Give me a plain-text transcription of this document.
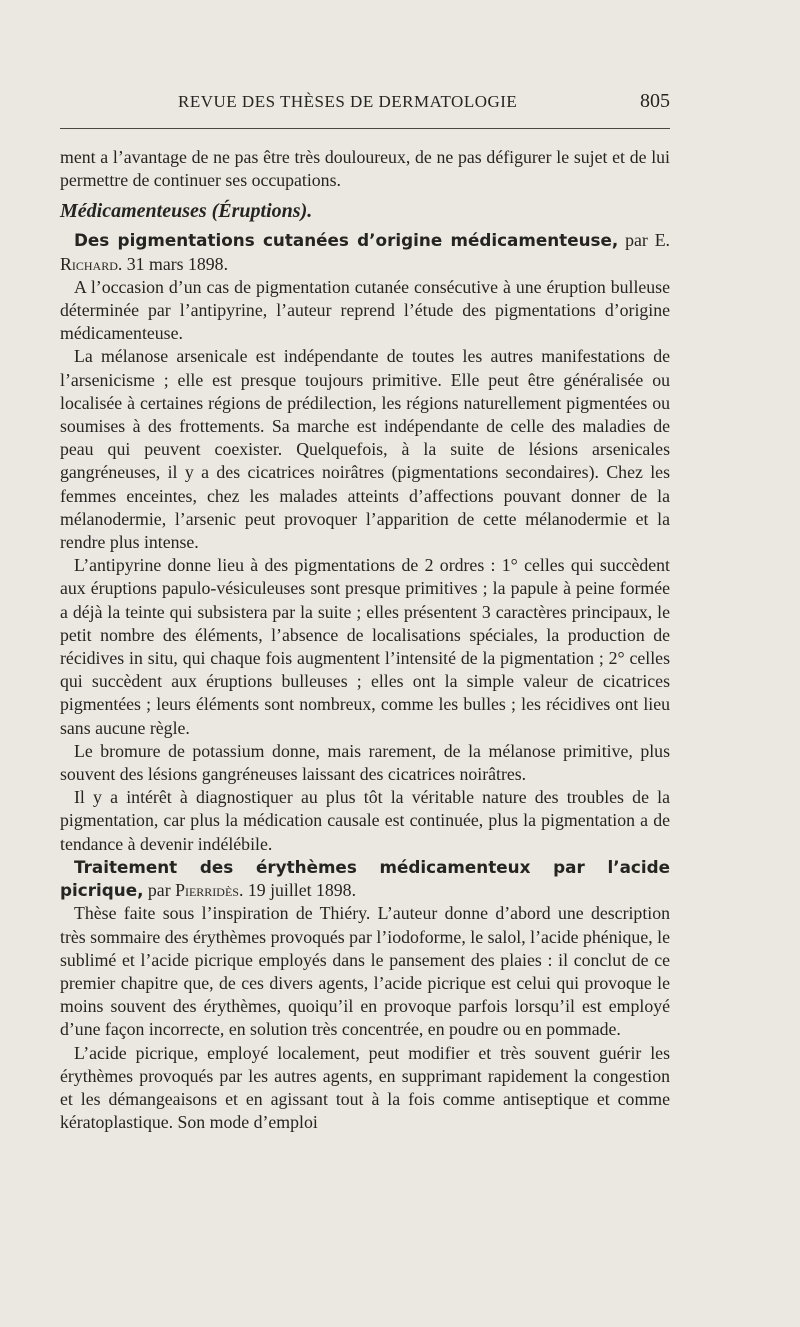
REVUE DES THÈSES DE DERMATOLOGIE	805

ment a l’avantage de ne pas être très douloureux, de ne pas défigurer le sujet et de lui permettre de continuer ses occupations.

Médicamenteuses (Éruptions).

Des pigmentations cutanées d’origine médicamenteuse, par E. Richard. 31 mars 1898.

A l’occasion d’un cas de pigmentation cutanée consécutive à une éruption bulleuse déterminée par l’antipyrine, l’auteur reprend l’étude des pigmentations d’origine médicamenteuse.

La mélanose arsenicale est indépendante de toutes les autres manifestations de l’arsenicisme ; elle est presque toujours primitive. Elle peut être généralisée ou localisée à certaines régions de prédilection, les régions naturellement pigmentées ou soumises à des frottements. Sa marche est indépendante de celle des maladies de peau qui peuvent coexister. Quelquefois, à la suite de lésions arsenicales gangréneuses, il y a des cicatrices noirâtres (pigmentations secondaires). Chez les femmes enceintes, chez les malades atteints d’affections pouvant donner de la mélanodermie, l’arsenic peut provoquer l’apparition de cette mélanodermie et la rendre plus intense.

L’antipyrine donne lieu à des pigmentations de 2 ordres : 1° celles qui succèdent aux éruptions papulo-vésiculeuses sont presque primitives ; la papule à peine formée a déjà la teinte qui subsistera par la suite ; elles présentent 3 caractères principaux, le petit nombre des éléments, l’absence de localisations spéciales, la production de récidives in situ, qui chaque fois augmentent l’intensité de la pigmentation ; 2° celles qui succèdent aux éruptions bulleuses ; elles ont la simple valeur de cicatrices pigmentées ; leurs éléments sont nombreux, comme les bulles ; les récidives ont lieu sans aucune règle.

Le bromure de potassium donne, mais rarement, de la mélanose primitive, plus souvent des lésions gangréneuses laissant des cicatrices noirâtres.

Il y a intérêt à diagnostiquer au plus tôt la véritable nature des troubles de la pigmentation, car plus la médication causale est continuée, plus la pigmentation a de tendance à devenir indélébile.

Traitement des érythèmes médicamenteux par l’acide picrique, par Pierridès. 19 juillet 1898.

Thèse faite sous l’inspiration de Thiéry. L’auteur donne d’abord une description très sommaire des érythèmes provoqués par l’iodoforme, le salol, l’acide phénique, le sublimé et l’acide picrique employés dans le pansement des plaies : il conclut de ce premier chapitre que, de ces divers agents, l’acide picrique est celui qui provoque le moins souvent des érythèmes, quoiqu’il en provoque parfois lorsqu’il est employé d’une façon incorrecte, en solution très concentrée, en poudre ou en pommade.

L’acide picrique, employé localement, peut modifier et très souvent guérir les érythèmes provoqués par les autres agents, en supprimant rapidement la congestion et les démangeaisons et en agissant tout à la fois comme antiseptique et comme kératoplastique. Son mode d’emploi
